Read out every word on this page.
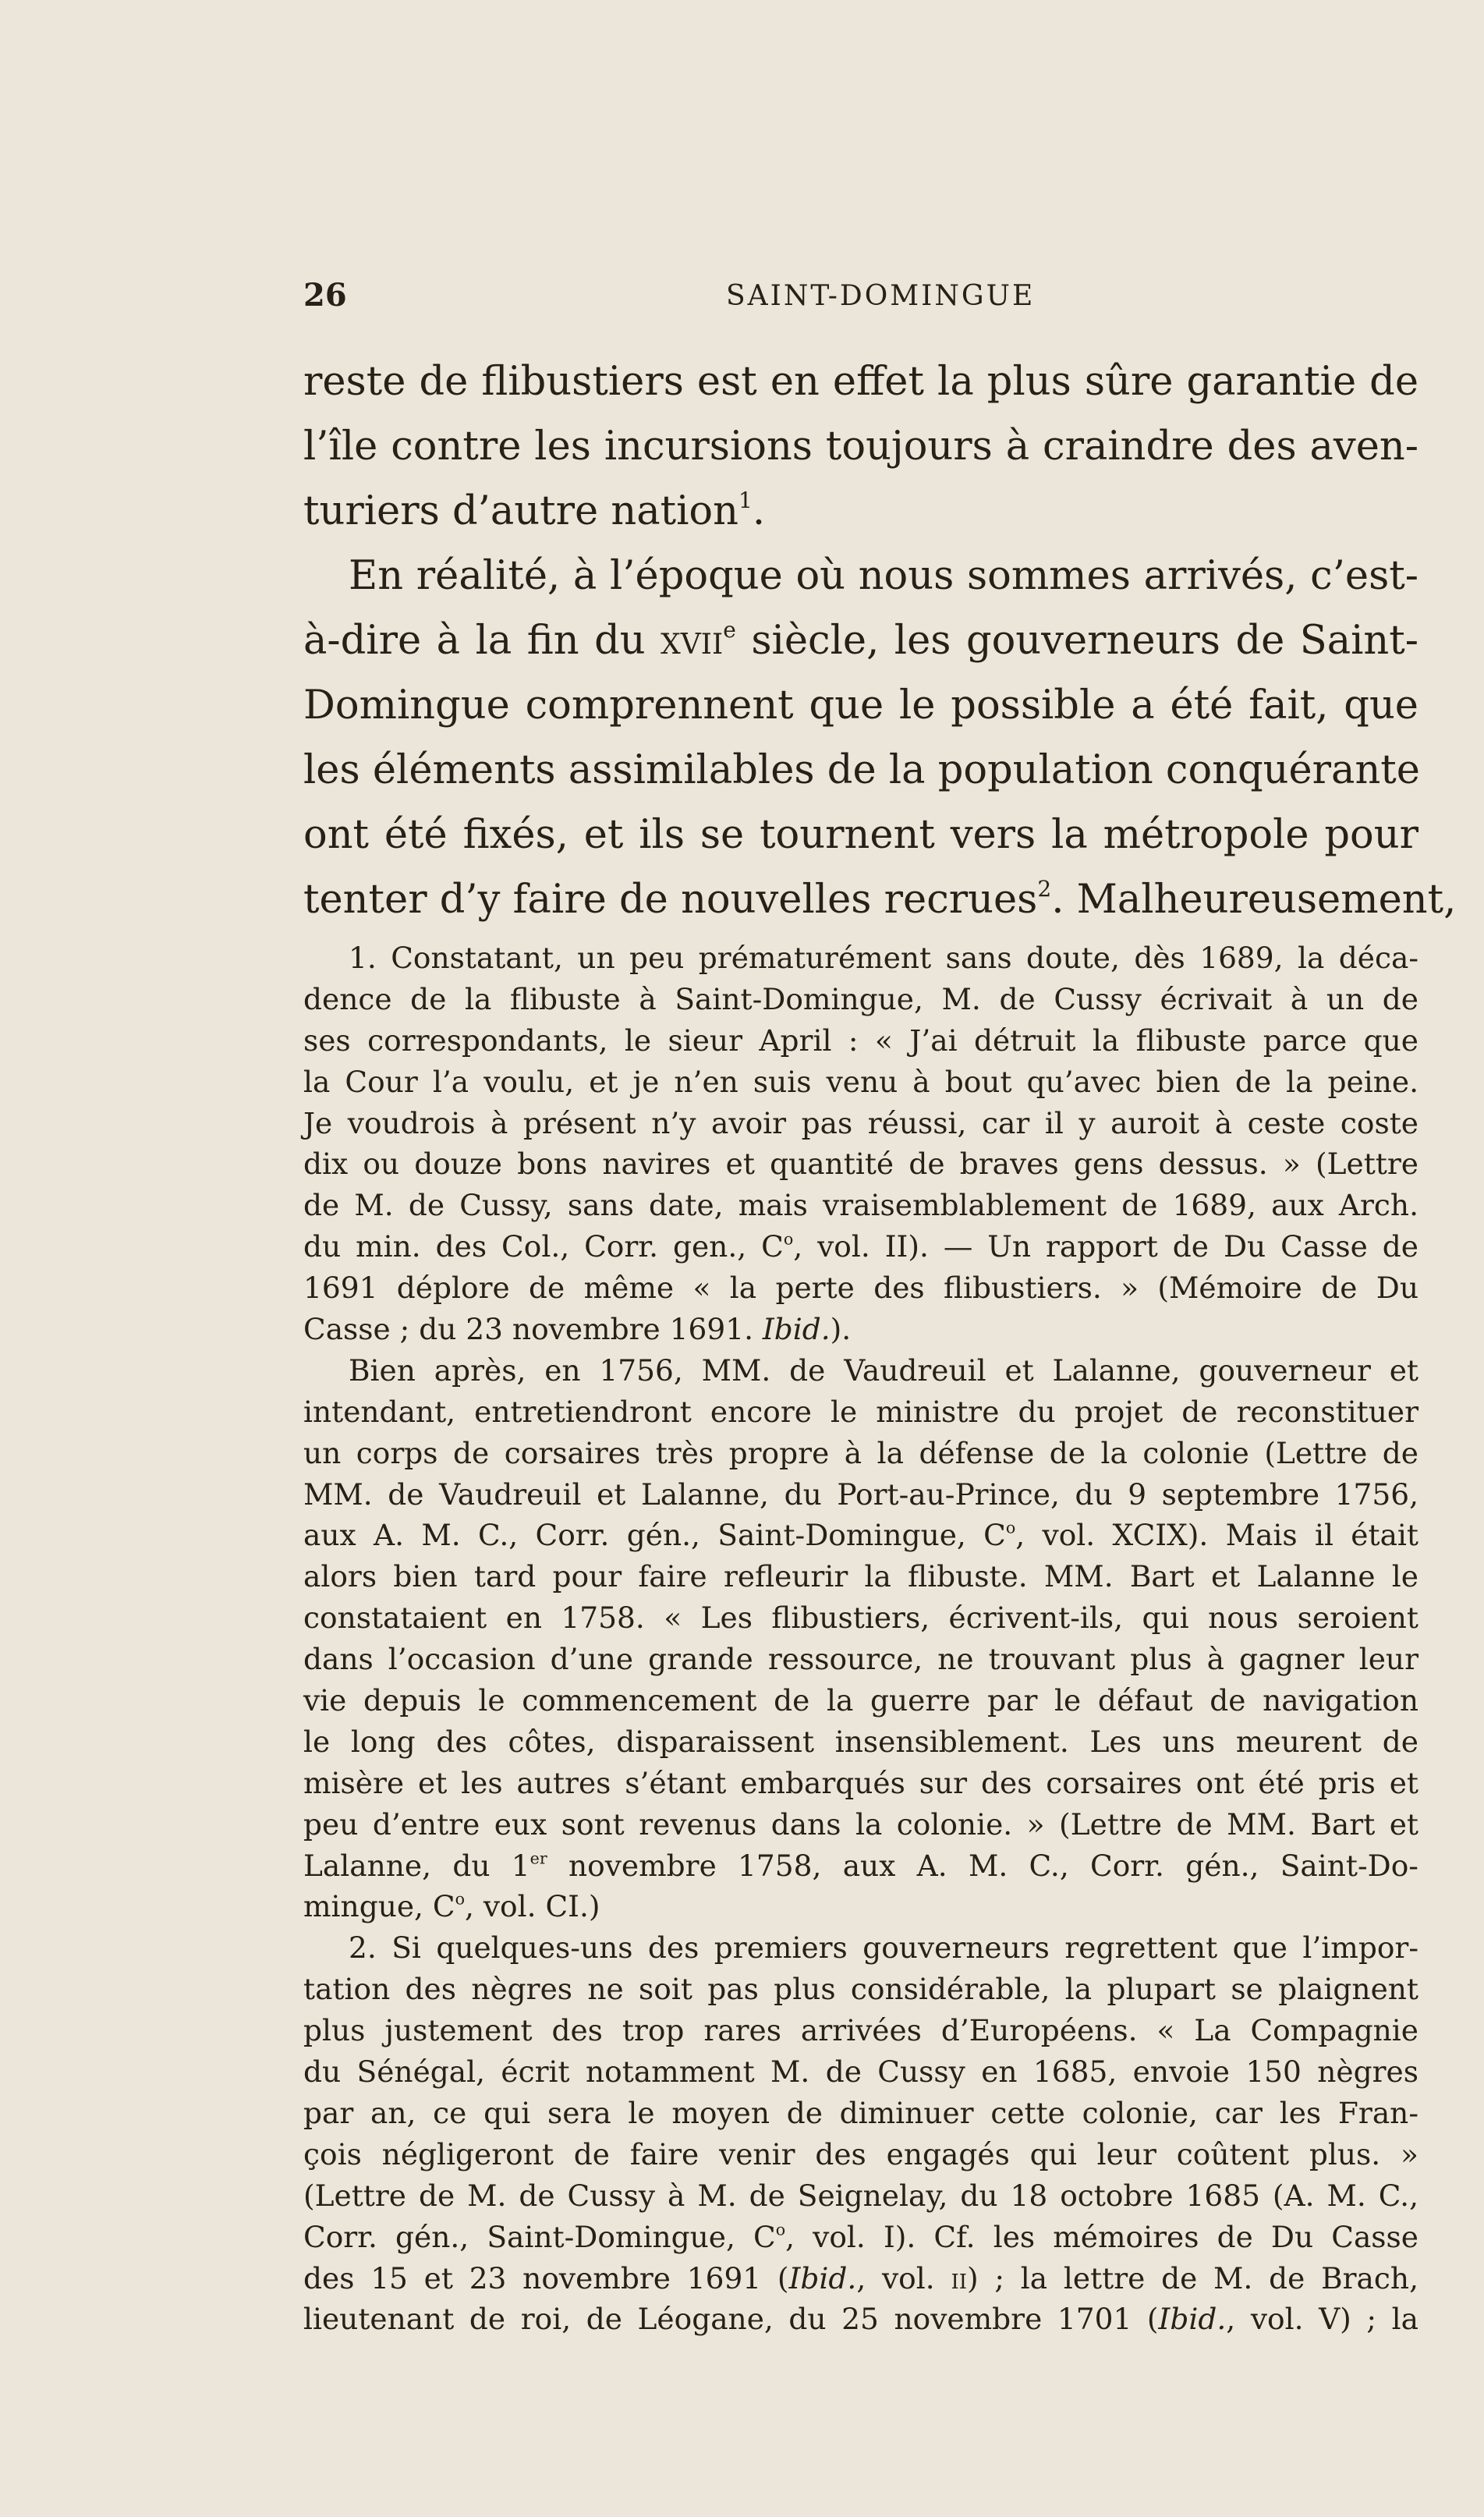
26	SAINT-DOMINGUE
reste de flibustiers est en effet la plus sûre garantie de
l’île contre les incursions toujours à craindre des aven-
turiers d’autre nation$^1$.
En réalité, à l’époque où nous sommes arrivés, c’est-
à-dire à la fin du xvii$^e$ siècle, les gouverneurs de Saint-
Domingue comprennent que le possible a été fait, que
les éléments assimilables de la population conquérante
ont été fixés, et ils se tournent vers la métropole pour
tenter d’y faire de nouvelles recrues$^2$. Malheureusement,
1. Constatant, un peu prématurément sans doute, dès 1689, la déca-
dence de la flibuste à Saint-Domingue, M. de Cussy écrivait à un de
ses correspondants, le sieur April : « J’ai détruit la flibuste parce que
la Cour l’a voulu, et je n’en suis venu à bout qu’avec bien de la peine.
Je voudrois à présent n’y avoir pas réussi, car il y auroit à ceste coste
dix ou douze bons navires et quantité de braves gens dessus. » (Lettre
de M. de Cussy, sans date, mais vraisemblablement de 1689, aux Arch.
du min. des Col., Corr. gen., $C^o$, vol. II). — Un rapport de Du Casse de
1691 déplore de même « la perte des flibustiers. » (Mémoire de Du
Casse ; du 23 novembre 1691. Ibid.).
Bien après, en 1756, MM. de Vaudreuil et Lalanne, gouverneur et
intendant, entretiendront encore le ministre du projet de reconstituer
un corps de corsaires très propre à la défense de la colonie (Lettre de
MM. de Vaudreuil et Lalanne, du Port-au-Prince, du 9 septembre 1756,
aux A. M. C., Corr. gén., Saint-Domingue, $C^o$, vol. XCIX). Mais il était
alors bien tard pour faire refleurir la flibuste. MM. Bart et Lalanne le
constataient en 1758. « Les flibustiers, écrivent-ils, qui nous seroient
dans l’occasion d’une grande ressource, ne trouvant plus à gagner leur
vie depuis le commencement de la guerre par le défaut de navigation
le long des côtes, disparaissent insensiblement. Les uns meurent de
misère et les autres s’étant embarqués sur des corsaires ont été pris et
peu d’entre eux sont revenus dans la colonie. » (Lettre de MM. Bart et
Lalanne, du 1er novembre 1758, aux A. M. C., Corr. gén., Saint-Do-
mingue, $C^o$, vol. CI.)
2. Si quelques-uns des premiers gouverneurs regrettent que l’impor-
tation des nègres ne soit pas plus considérable, la plupart se plaignent
plus justement des trop rares arrivées d’Européens. « La Compagnie
du Sénégal, écrit notamment M. de Cussy en 1685, envoie 150 nègres
par an, ce qui sera le moyen de diminuer cette colonie, car les Fran-
çois négligeront de faire venir des engagés qui leur coûtent plus. »
(Lettre de M. de Cussy à M. de Seignelay, du 18 octobre 1685 (A. M. C.,
Corr. gén., Saint-Domingue, $C^o$, vol. I). Cf. les mémoires de Du Casse
des 15 et 23 novembre 1691 (Ibid., vol. ii) ; la lettre de M. de Brach,
lieutenant de roi, de Léogane, du 25 novembre 1701 (Ibid., vol. V) ; la
